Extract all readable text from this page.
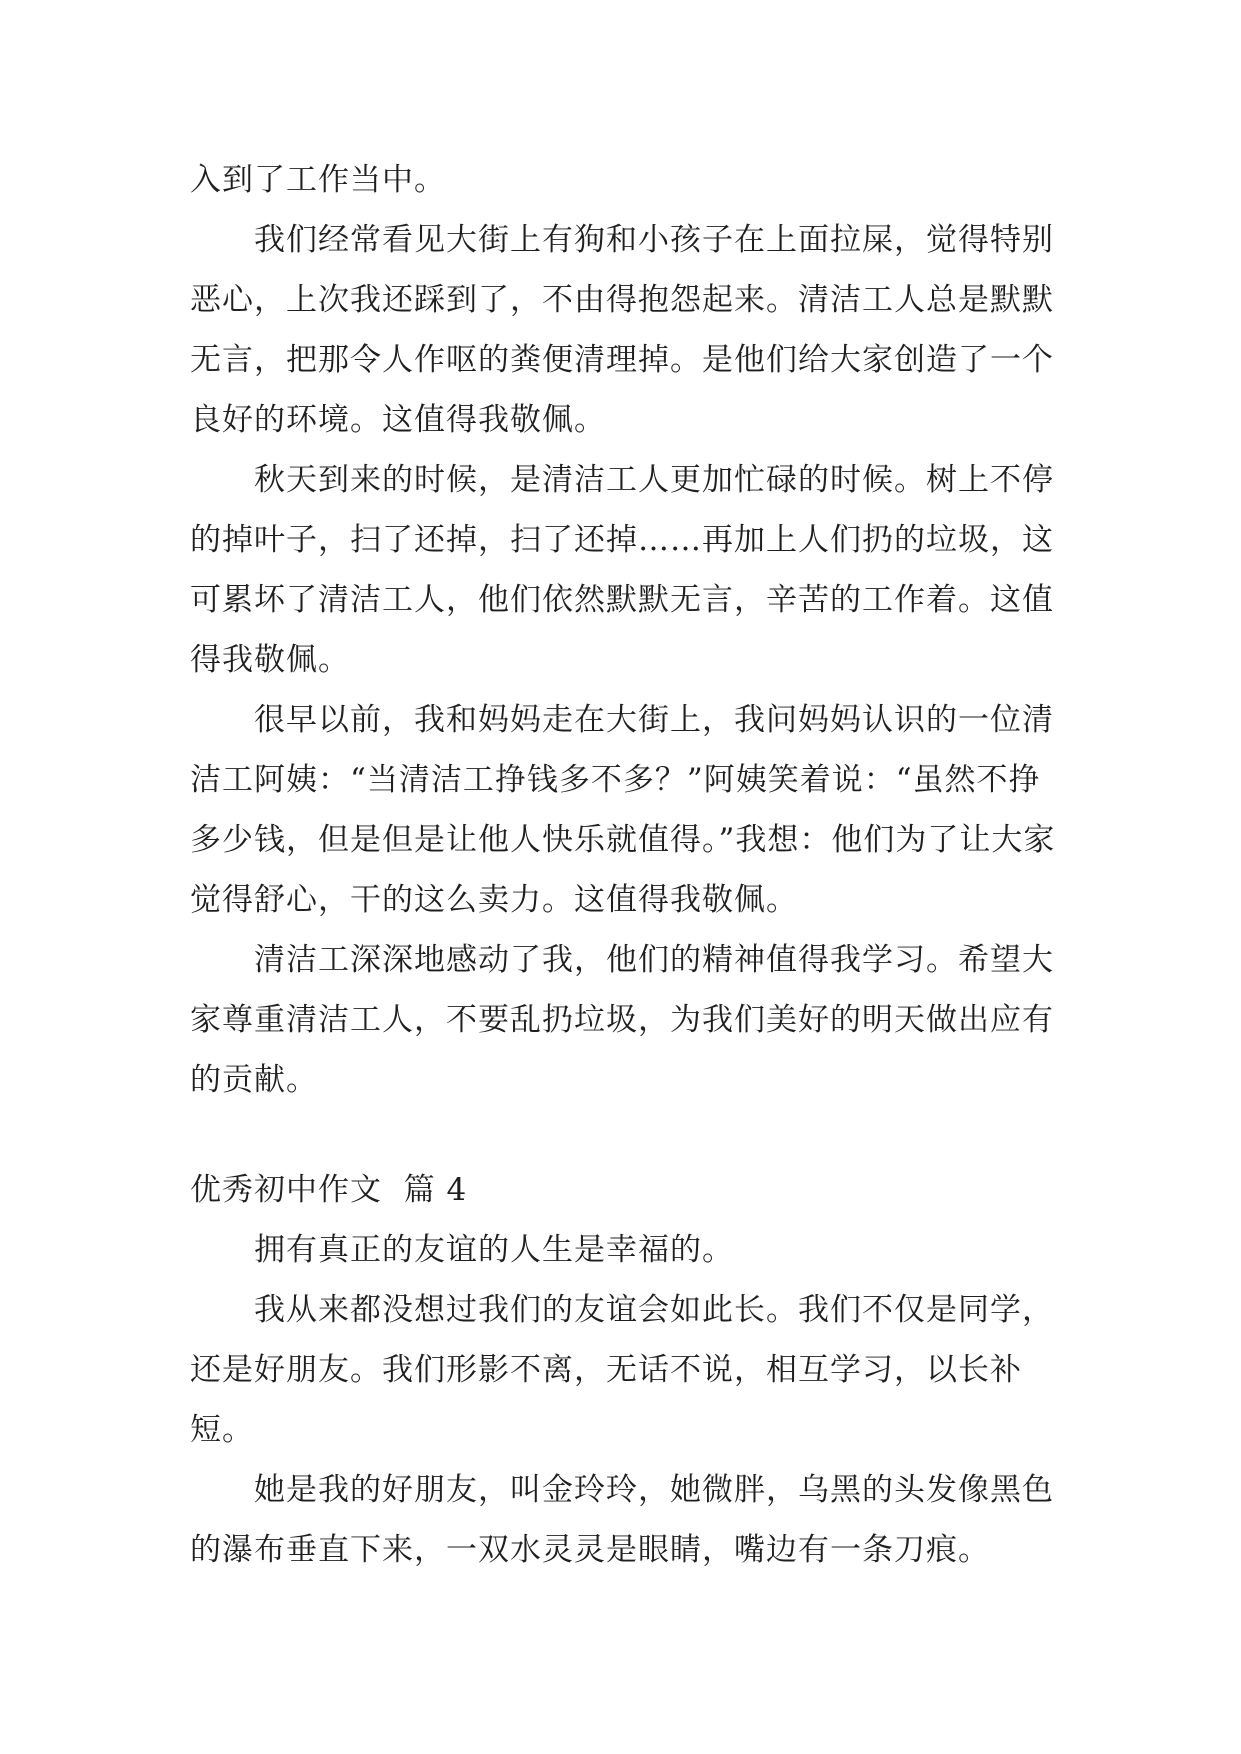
入到了工作当中。

我们经常看见大街上有狗和小孩子在上面拉屎，觉得特别恶心，上次我还踩到了，不由得抱怨起来。清洁工人总是默默无言，把那令人作呕的粪便清理掉。是他们给大家创造了一个良好的环境。这值得我敬佩。

秋天到来的时候，是清洁工人更加忙碌的时候。树上不停的掉叶子，扫了还掉，扫了还掉……再加上人们扔的垃圾，这可累坏了清洁工人，他们依然默默无言，辛苦的工作着。这值得我敬佩。

很早以前，我和妈妈走在大街上，我问妈妈认识的一位清洁工阿姨：“当清洁工挣钱多不多？”阿姨笑着说：“虽然不挣多少钱，但是但是让他人快乐就值得。”我想：他们为了让大家觉得舒心，干的这么卖力。这值得我敬佩。

清洁工深深地感动了我，他们的精神值得我学习。希望大家尊重清洁工人，不要乱扔垃圾，为我们美好的明天做出应有的贡献。

优秀初中作文  篇 4

拥有真正的友谊的人生是幸福的。

我从来都没想过我们的友谊会如此长。我们不仅是同学，还是好朋友。我们形影不离，无话不说，相互学习，以长补短。

她是我的好朋友，叫金玲玲，她微胖，乌黑的头发像黑色的瀑布垂直下来，一双水灵灵是眼睛，嘴边有一条刀痕。
